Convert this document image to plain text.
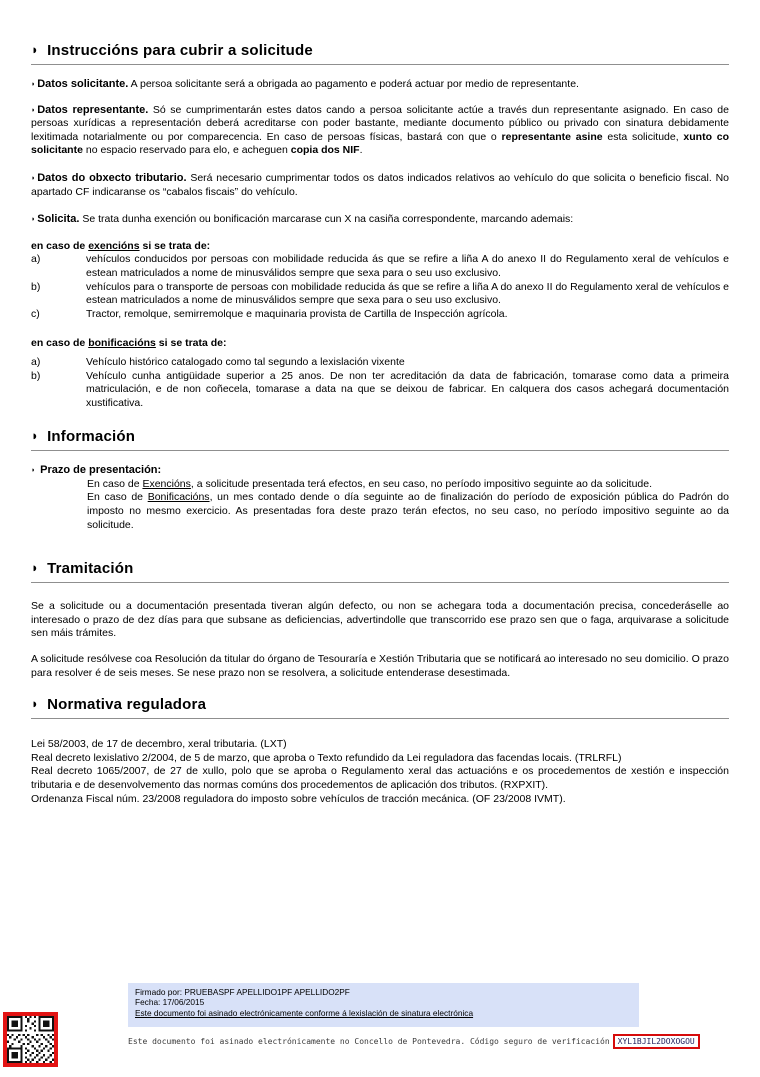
◗ Instruccións para cubrir a solicitude

◗ Datos solicitante. A persoa solicitante será a obrigada ao pagamento e poderá actuar por medio de representante.

◗ Datos representante. Só se cumprimentarán estes datos cando a persoa solicitante actúe a través dun representante asignado. En caso de persoas xurídicas a representación deberá acreditarse con poder bastante, mediante documento público ou privado con sinatura debidamente lexitimada notarialmente ou por comparecencia. En caso de persoas físicas, bastará con que o representante asine esta solicitude, xunto co solicitante no espacio reservado para elo, e acheguen copia dos NIF.

◗ Datos do obxecto tributario. Será necesario cumprimentar todos os datos indicados relativos ao vehículo do que solicita o beneficio fiscal. No apartado CF indicaranse os “cabalos fiscais” do vehículo.

◗ Solicita. Se trata dunha exención ou bonificación marcarase cun X na casiña correspondente, marcando ademais:

en caso de exencións si se trata de:
a)	vehículos conducidos por persoas con mobilidade reducida ás que se refire a liña A do anexo II do Regulamento xeral de vehículos e estean matriculados a nome de minusválidos sempre que sexa para o seu uso exclusivo.
b)	vehículos para o transporte de persoas con mobilidade reducida ás que se refire a liña A do anexo II do Regulamento xeral de vehículos e estean matriculados a nome de minusválidos sempre que sexa para o seu uso exclusivo.
c)	Tractor, remolque, semirremolque e maquinaria provista de Cartilla de Inspección agrícola.
en caso de bonificacións si se trata de:
a)	Vehículo histórico catalogado como tal segundo a lexislación vixente
b)	Vehículo cunha antigüidade superior a 25 anos. De non ter acreditación da data de fabricación, tomarase como data a primeira matriculación, e de non coñecela, tomarase a data na que se deixou de fabricar. En calquera dos casos achegará documentación xustificativa.
◗ Información

◗ Prazo de presentación:

En caso de Exencións, a solicitude presentada terá efectos, en seu caso, no período impositivo seguinte ao da solicitude.
En caso de Bonificacións, un mes contado dende o día seguinte ao de finalización do período de exposición pública do Padrón do imposto no mesmo exercicio. As presentadas fora deste prazo terán efectos, no seu caso, no período impositivo seguinte ao da solicitude.
◗ Tramitación

Se a solicitude ou a documentación presentada tiveran algún defecto, ou non se achegara toda a documentación precisa, concederáselle ao interesado o prazo de dez días para que subsane as deficiencias, advertindolle que transcorrido ese prazo sen que o faga, arquivarase a solicitude sen máis trámites.

A solicitude resólvese coa Resolución da titular do órgano de Tesouraría e Xestión Tributaria que se notificará ao interesado no seu domicilio. O prazo para resolver é de seis meses. Se nese prazo non se resolvera, a solicitude entenderase desestimada.

◗ Normativa reguladora
Lei 58/2003, de 17 de decembro, xeral tributaria. (LXT)
Real decreto lexislativo 2/2004, de 5 de marzo, que aproba o Texto refundido da Lei reguladora das facendas locais. (TRLRFL)
Real decreto 1065/2007, de 27 de xullo, polo que se aproba o Regulamento xeral das actuacións e os procedementos de xestión e inspección tributaria e de desenvolvemento das normas comúns dos procedementos de aplicación dos tributos. (RXPXIT).
Ordenanza Fiscal núm. 23/2008 reguladora do imposto sobre vehículos de tracción mecánica. (OF 23/2008 IVMT).
Firmado por: PRUEBASPF APELLIDO1PF APELLIDO2PF
Fecha: 17/06/2015
Este documento foi asinado electrónicamente conforme á lexislación de sinatura electrónica
Este documento foi asinado electrónicamente no Concello de Pontevedra. Código seguro de verificación	XYL1BJIL2DOXOGOU
